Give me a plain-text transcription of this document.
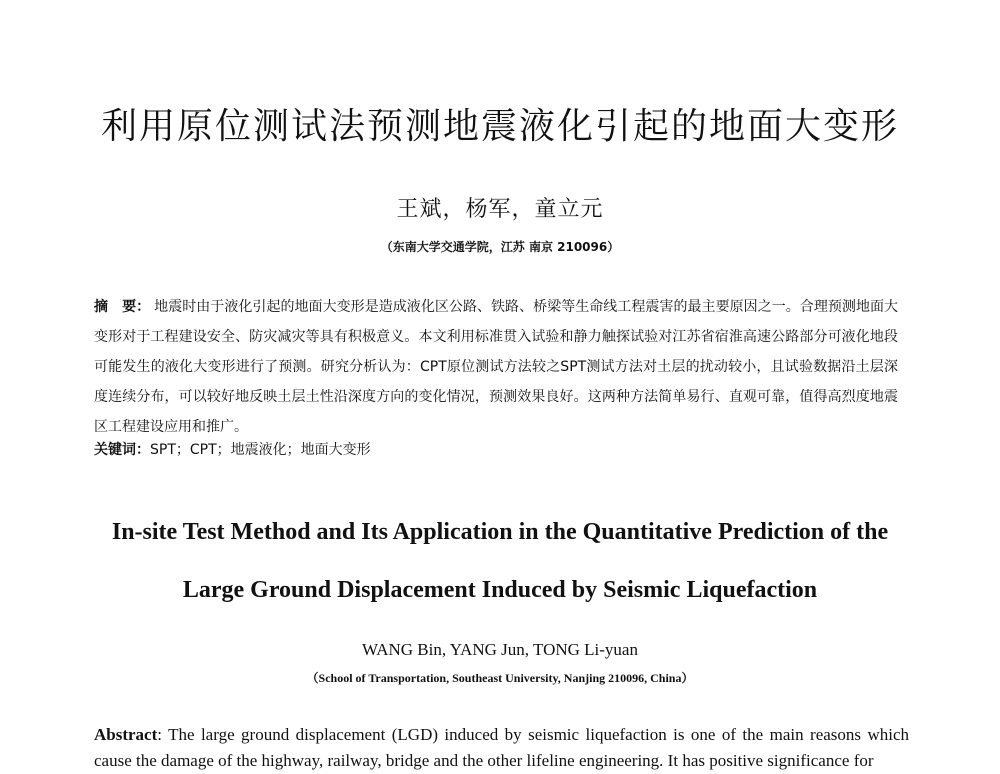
利用原位测试法预测地震液化引起的地面大变形
王斌，杨军，童立元
（东南大学交通学院，江苏 南京 210096）
摘　要： 地震时由于液化引起的地面大变形是造成液化区公路、铁路、桥梁等生命线工程震害的最主要原因之一。合理预测地面大变形对于工程建设安全、防灾减灾等具有积极意义。本文利用标准贯入试验和静力触探试验对江苏省宿淮高速公路部分可液化地段可能发生的液化大变形进行了预测。研究分析认为：CPT原位测试方法较之SPT测试方法对土层的扰动较小，且试验数据沿土层深度连续分布，可以较好地反映土层土性沿深度方向的变化情况，预测效果良好。这两种方法简单易行、直观可靠，值得高烈度地震区工程建设应用和推广。
关键词：SPT；CPT；地震液化；地面大变形
In-site Test Method and Its Application in the Quantitative Prediction of the
Large Ground Displacement Induced by Seismic Liquefaction
WANG Bin, YANG Jun, TONG Li-yuan
（School of Transportation, Southeast University, Nanjing 210096, China）
Abstract: The large ground displacement (LGD) induced by seismic liquefaction is one of the main reasons which cause the damage of the highway, railway, bridge and the other lifeline engineering. It has positive significance for
